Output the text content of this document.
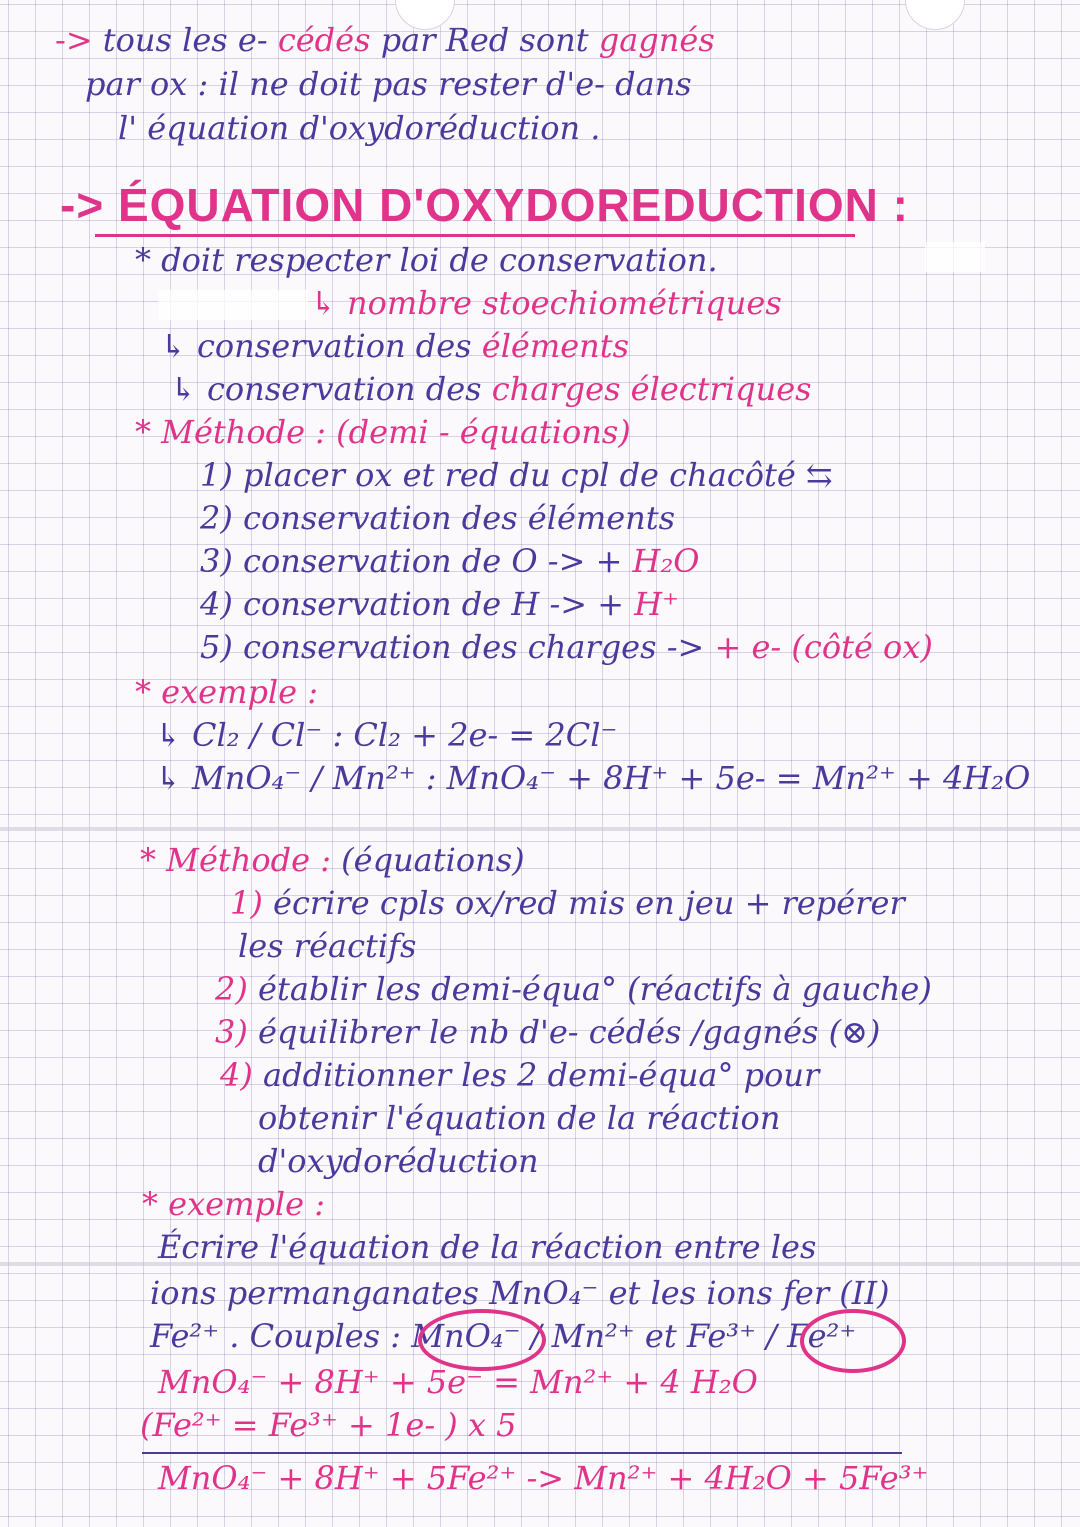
-> tous les e- cédés par Red sont gagnés
par ox : il ne doit pas rester d'e- dans
l' équation d'oxydoréduction .
-> ÉQUATION D'OXYDOREDUCTION :
* doit respecter loi de conservation.
↳ nombre stoechiométriques
↳ conservation des éléments
↳ conservation des charges électriques
* Méthode : (demi - équations)
1) placer ox et red du cpl de chacôté ⇆
2) conservation des éléments
3) conservation de O -> + H₂O
4) conservation de H -> + H⁺
5) conservation des charges -> + e- (côté ox)
* exemple :
↳ Cl₂ / Cl⁻ : Cl₂ + 2e- = 2Cl⁻
↳ MnO₄⁻ / Mn²⁺ : MnO₄⁻ + 8H⁺ + 5e- = Mn²⁺ + 4H₂O
* Méthode : (équations)
1) écrire cpls ox/red mis en jeu + repérer
les réactifs
2) établir les demi-équa° (réactifs à gauche)
3) équilibrer le nb d'e- cédés /gagnés (⊗)
4) additionner les 2 demi-équa° pour
obtenir l'équation de la réaction
d'oxydoréduction
* exemple :
Écrire l'équation de la réaction entre les
ions permanganates MnO₄⁻ et les ions fer (II)
Fe²⁺ . Couples : MnO₄⁻ / Mn²⁺ et Fe³⁺ / Fe²⁺
MnO₄⁻ + 8H⁺ + 5e⁻ = Mn²⁺ + 4 H₂O
(Fe²⁺ = Fe³⁺ + 1e- ) x 5
MnO₄⁻ + 8H⁺ + 5Fe²⁺ -> Mn²⁺ + 4H₂O + 5Fe³⁺
